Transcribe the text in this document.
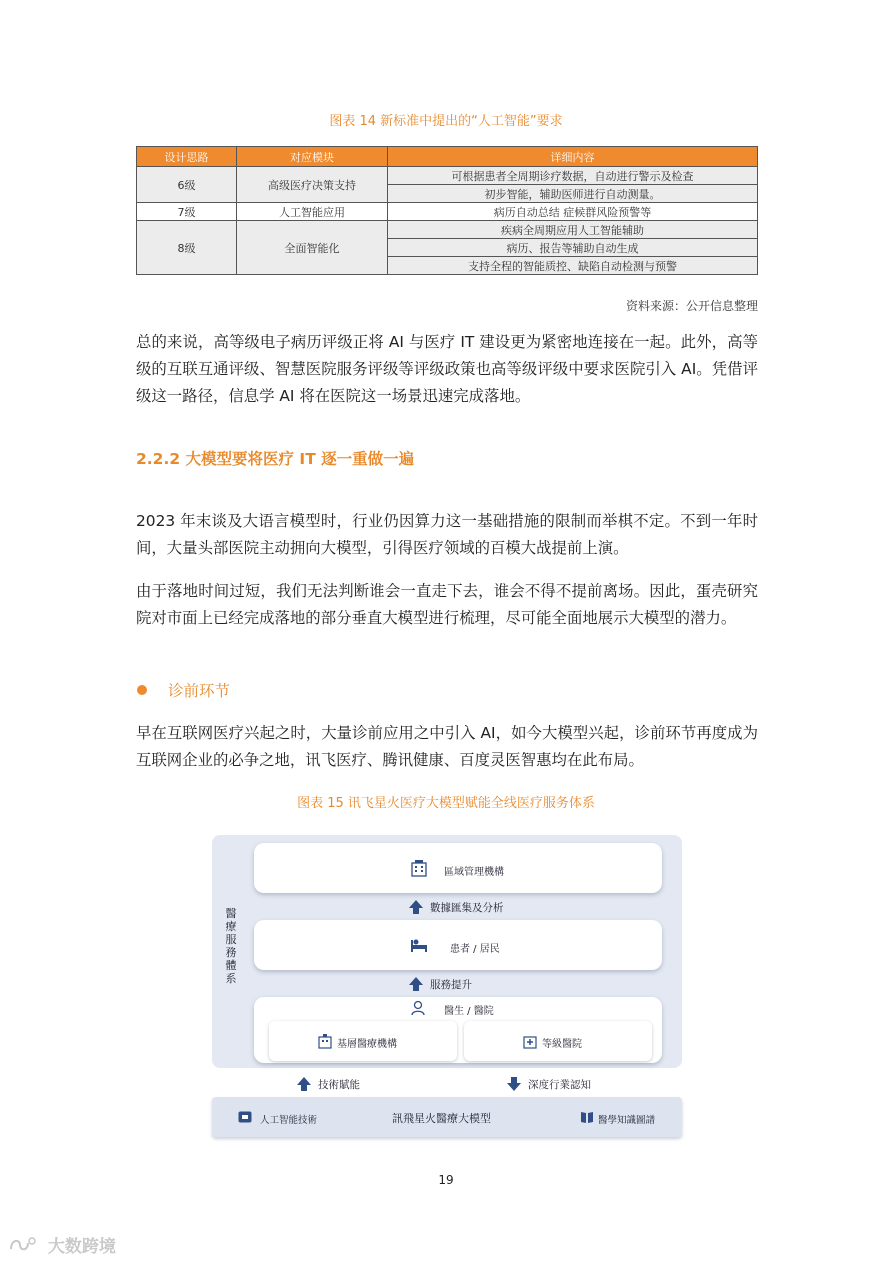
图表 14 新标准中提出的“人工智能”要求
设计思路	对应模块	详细内容
6级	高级医疗决策支持	可根据患者全周期诊疗数据，自动进行警示及检查
		初步智能，辅助医师进行自动测量。
7级	人工智能应用	病历自动总结 症候群风险预警等
8级	全面智能化	疾病全周期应用人工智能辅助
		病历、报告等辅助自动生成
		支持全程的智能质控、缺陷自动检测与预警
资料来源：公开信息整理
总的来说，高等级电子病历评级正将 AI 与医疗 IT 建设更为紧密地连接在一起。此外，高等级的互联互通评级、智慧医院服务评级等评级政策也高等级评级中要求医院引入 AI。凭借评级这一路径，信息学 AI 将在医院这一场景迅速完成落地。
2.2.2 大模型要将医疗 IT 逐一重做一遍
2023 年末谈及大语言模型时，行业仍因算力这一基础措施的限制而举棋不定。不到一年时间，大量头部医院主动拥向大模型，引得医疗领域的百模大战提前上演。
由于落地时间过短，我们无法判断谁会一直走下去，谁会不得不提前离场。因此，蛋壳研究院对市面上已经完成落地的部分垂直大模型进行梳理，尽可能全面地展示大模型的潜力。
诊前环节
早在互联网医疗兴起之时，大量诊前应用之中引入 AI，如今大模型兴起，诊前环节再度成为互联网企业的必争之地，讯飞医疗、腾讯健康、百度灵医智惠均在此布局。
图表 15 讯飞星火医疗大模型赋能全线医疗服务体系
醫療服務體系
區域管理機構
數據匯集及分析
患者 / 居民
服務提升
醫生 / 醫院
基層醫療機構	等級醫院
技術賦能	深度行業認知
人工智能技術	訊飛星火醫療大模型	醫學知識圖譜
19
大数跨境
